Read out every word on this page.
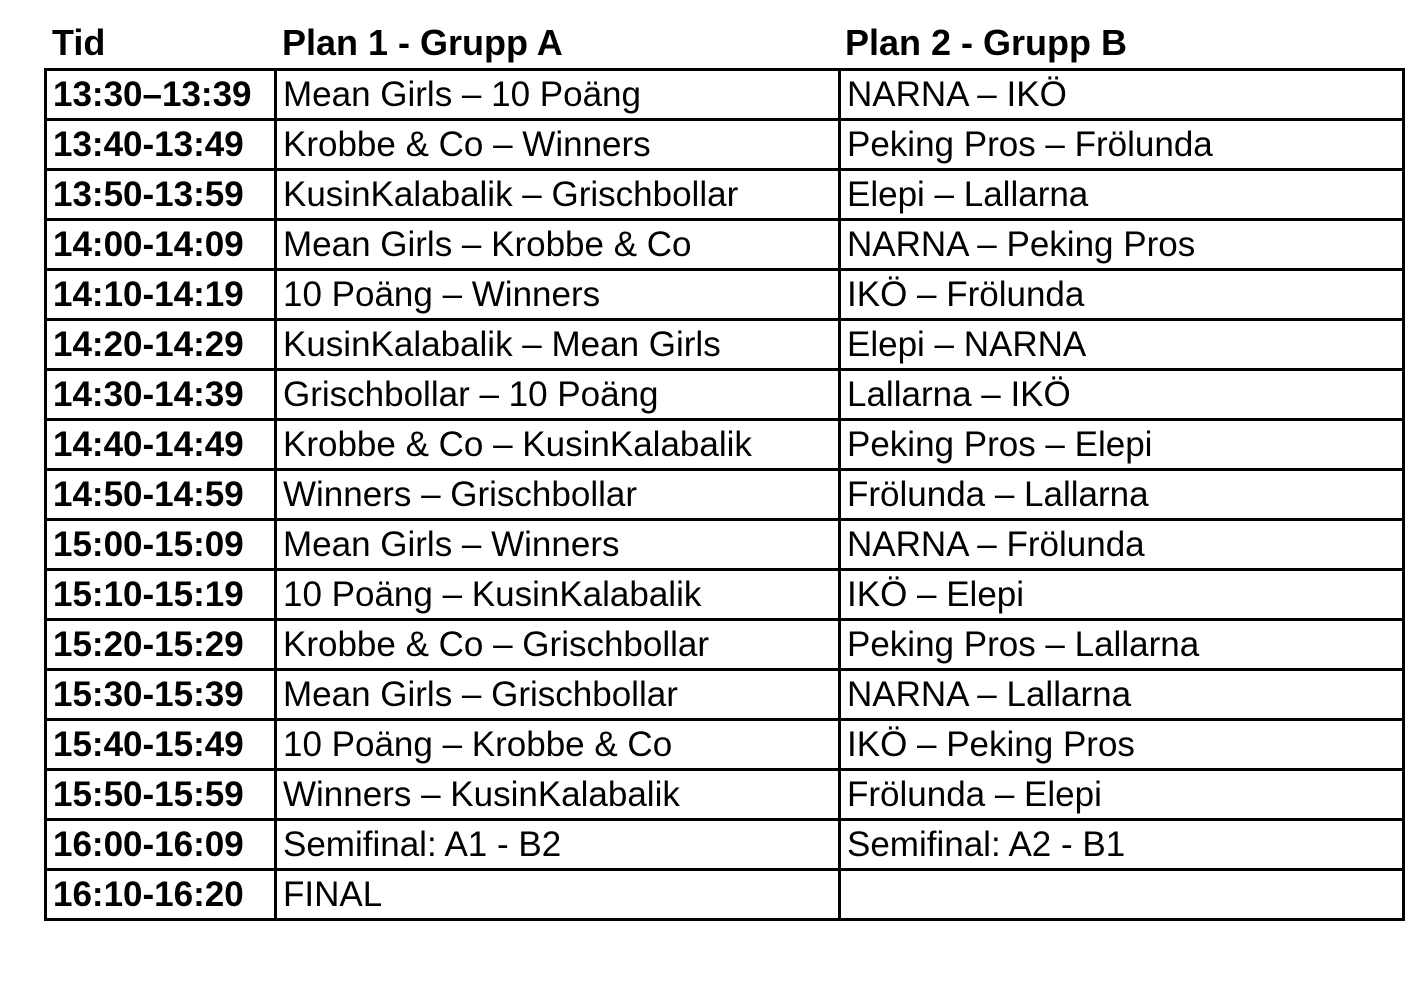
Tid	Plan 1 - Grupp A	Plan 2 - Grupp B
13:30–13:39	Mean Girls – 10 Poäng	NARNA – IKÖ
13:40-13:49	Krobbe & Co – Winners	Peking Pros – Frölunda
13:50-13:59	KusinKalabalik – Grischbollar	Elepi – Lallarna
14:00-14:09	Mean Girls – Krobbe & Co	NARNA – Peking Pros
14:10-14:19	10 Poäng – Winners	IKÖ – Frölunda
14:20-14:29	KusinKalabalik – Mean Girls	Elepi – NARNA
14:30-14:39	Grischbollar – 10 Poäng	Lallarna – IKÖ
14:40-14:49	Krobbe & Co – KusinKalabalik	Peking Pros – Elepi
14:50-14:59	Winners – Grischbollar	Frölunda – Lallarna
15:00-15:09	Mean Girls – Winners	NARNA – Frölunda
15:10-15:19	10 Poäng – KusinKalabalik	IKÖ – Elepi
15:20-15:29	Krobbe & Co – Grischbollar	Peking Pros – Lallarna
15:30-15:39	Mean Girls – Grischbollar	NARNA – Lallarna
15:40-15:49	10 Poäng – Krobbe & Co	IKÖ – Peking Pros
15:50-15:59	Winners – KusinKalabalik	Frölunda – Elepi
16:00-16:09	Semifinal: A1 - B2	Semifinal: A2 - B1
16:10-16:20	FINAL	
